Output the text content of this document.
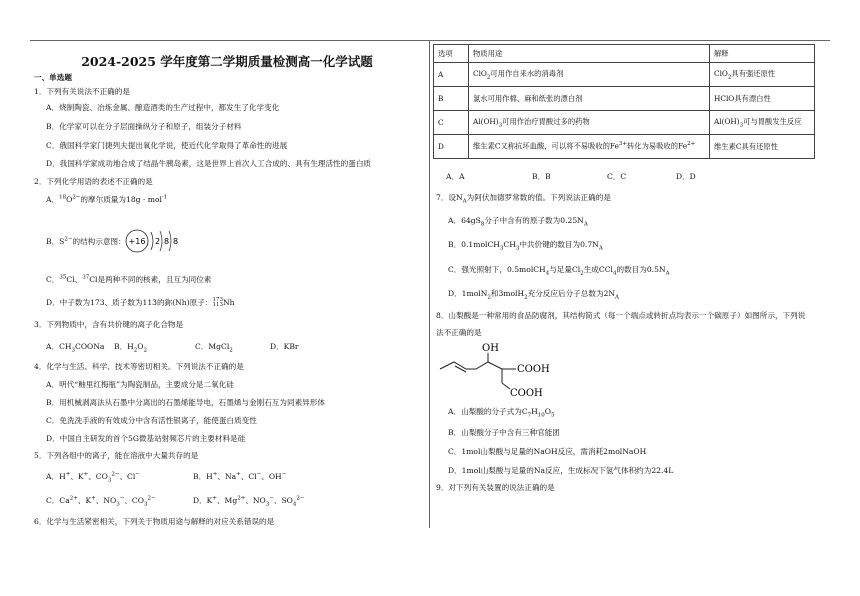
2024-2025 学年度第二学期质量检测高一化学试题
一、单选题
1．下列有关说法不正确的是
A．烧制陶瓷、冶炼金属、酿造酒类的生产过程中，都发生了化学变化
B．化学家可以在分子层面操纵分子和原子，组装分子材料
C．俄国科学家门捷列夫提出氧化学说，使近代化学取得了革命性的进展
D．我国科学家成功地合成了结晶牛胰岛素，这是世界上首次人工合成的、具有生理活性的蛋白质
2．下列化学用语的表述不正确的是
A．$^{18}O^{2-}$的摩尔质量为18g · mol$^{-1}$
B．$S^{2-}$的结构示意图： +16 2 8 8
C．$^{35}$Cl、$^{37}$Cl是两种不同的核素，且互为同位素
D．中子数为173、质子数为113的鉨(Nh)原子： 173
113 Nh
3．下列物质中，含有共价键的离子化合物是
A．$CH_3COONa$ B．$H_2O_2$	C．MgCl$_2$	D．KBr
4．化学与生活、科学、技术等密切相关。下列说法不正确的是
A．明代“釉里红梅瓶”为陶瓷制品，主要成分是二氧化硅
B．用机械剥离法从石墨中分离出的石墨烯能导电，石墨烯与金刚石互为同素异形体
C．免洗洗手液的有效成分中含有活性银离子，能使蛋白质变性
D．中国自主研发的首个5G微基站射频芯片的主要材料是硅
5．下列各组中的离子，能在溶液中大量共存的是
A．H+、K+、$CO_3^{2-}$、Cl−	B．H+、Na+、Cl−、OH−
C．$Ca^{2+}$、K+、$NO_3^-$、$CO_3^{2-}$	D．K+、$Mg^{2+}$、$NO_3^-$、$SO_4^{2-}$
6．化学与生活紧密相关，下列关于物质用途与解释的对应关系错误的是
选项	物质用途	解释
A	ClO$_2$可用作自来水的消毒剂	ClO$_2$具有强还原性
B	氯水可用作棉、麻和纸张的漂白剂	HClO具有漂白性
C	$Al(OH)_3$可用作治疗胃酸过多的药物	$Al(OH)_3$可与胃酸发生反应
D	维生素C又称抗坏血酸，可以将不易吸收的$Fe^{3+}$转化为易吸收的$Fe^{2+}$	维生素C具有还原性
A．A	B．B	C．C	D．D
7．设$N_A$为阿伏加德罗常数的值。下列说法正确的是
A．$64gS_8$分子中含有的原子数为$0.25N_A$
B．$0.1molCH_3CH_3$中共价键的数目为$0.7N_A$
C．强光照射下，0.5molCH$_4$与足量$Cl_2$生成CCl$_4$的数目为$0.5N_A$
D．1molN$_2$和3molH$_2$充分反应后分子总数为$2N_A$
8．山梨酸是一种常用的食品防腐剂，其结构简式（每一个端点或转折点均表示一个碳原子）如图所示，下列说
法不正确的是
OH
COOH
COOH
A．山梨酸的分子式为$C_7H_{10}O_5$
B．山梨酸分子中含有三种官能团
C．1mol山梨酸与足量的NaOH反应，需消耗2molNaOH
D．1mol山梨酸与足量的Na反应，生成标况下氢气体积约为22.4L
9．对下列有关装置的说法正确的是
